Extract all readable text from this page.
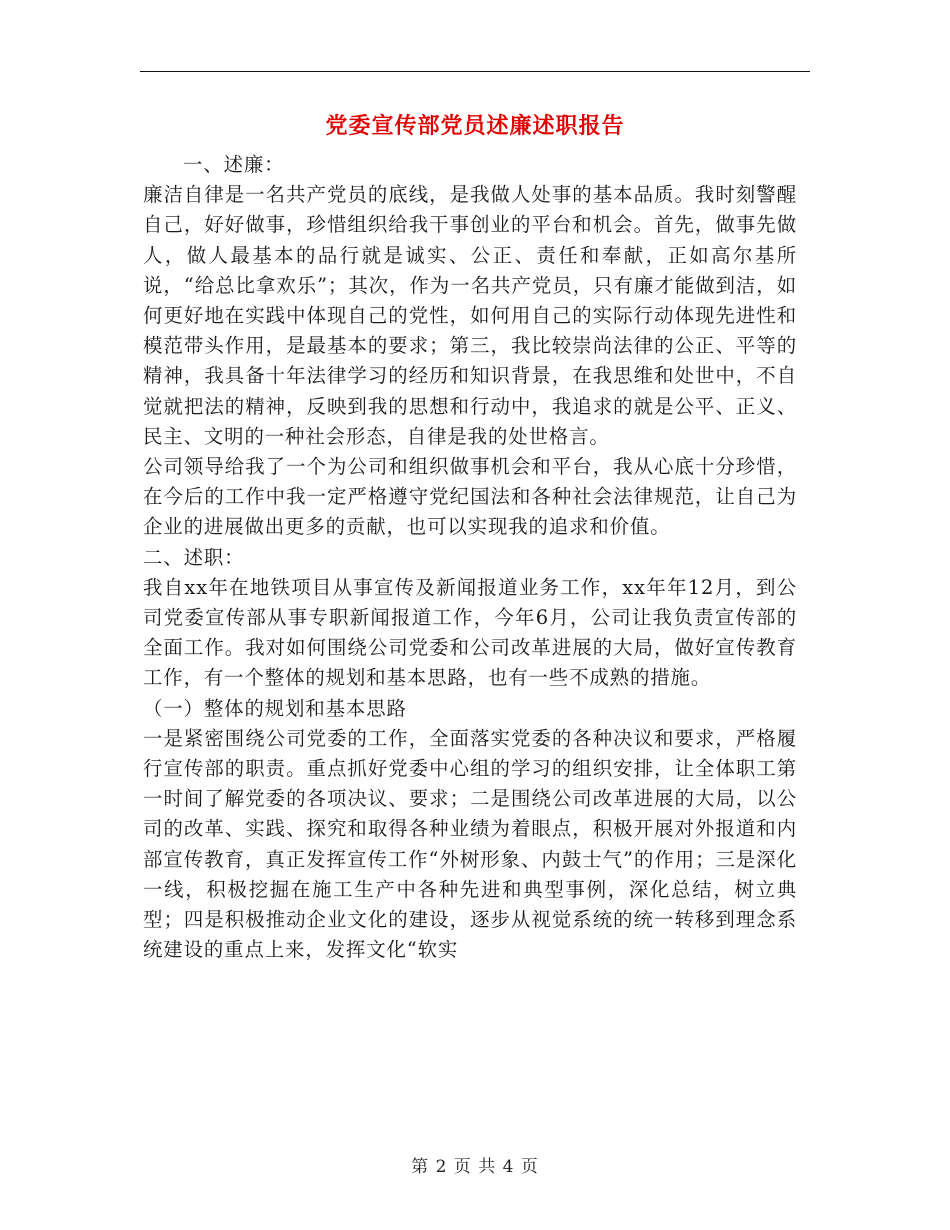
党委宣传部党员述廉述职报告

一、述廉：

廉洁自律是一名共产党员的底线，是我做人处事的基本品质。我时刻警醒自己，好好做事，珍惜组织给我干事创业的平台和机会。首先，做事先做人，做人最基本的品行就是诚实、公正、责任和奉献，正如高尔基所说，“给总比拿欢乐”；其次，作为一名共产党员，只有廉才能做到洁，如何更好地在实践中体现自己的党性，如何用自己的实际行动体现先进性和模范带头作用，是最基本的要求；第三，我比较崇尚法律的公正、平等的精神，我具备十年法律学习的经历和知识背景，在我思维和处世中，不自觉就把法的精神，反映到我的思想和行动中，我追求的就是公平、正义、民主、文明的一种社会形态，自律是我的处世格言。

公司领导给我了一个为公司和组织做事机会和平台，我从心底十分珍惜，在今后的工作中我一定严格遵守党纪国法和各种社会法律规范，让自己为企业的进展做出更多的贡献，也可以实现我的追求和价值。

二、述职：

我自xx年在地铁项目从事宣传及新闻报道业务工作，xx年年12月，到公司党委宣传部从事专职新闻报道工作，今年6月，公司让我负责宣传部的全面工作。我对如何围绕公司党委和公司改革进展的大局，做好宣传教育工作，有一个整体的规划和基本思路，也有一些不成熟的措施。

（一）整体的规划和基本思路

一是紧密围绕公司党委的工作，全面落实党委的各种决议和要求，严格履行宣传部的职责。重点抓好党委中心组的学习的组织安排，让全体职工第一时间了解党委的各项决议、要求；二是围绕公司改革进展的大局，以公司的改革、实践、探究和取得各种业绩为着眼点，积极开展对外报道和内部宣传教育，真正发挥宣传工作“外树形象、内鼓士气”的作用；三是深化一线，积极挖掘在施工生产中各种先进和典型事例，深化总结，树立典型；四是积极推动企业文化的建设，逐步从视觉系统的统一转移到理念系统建设的重点上来，发挥文化“软实

第 2 页 共 4 页
